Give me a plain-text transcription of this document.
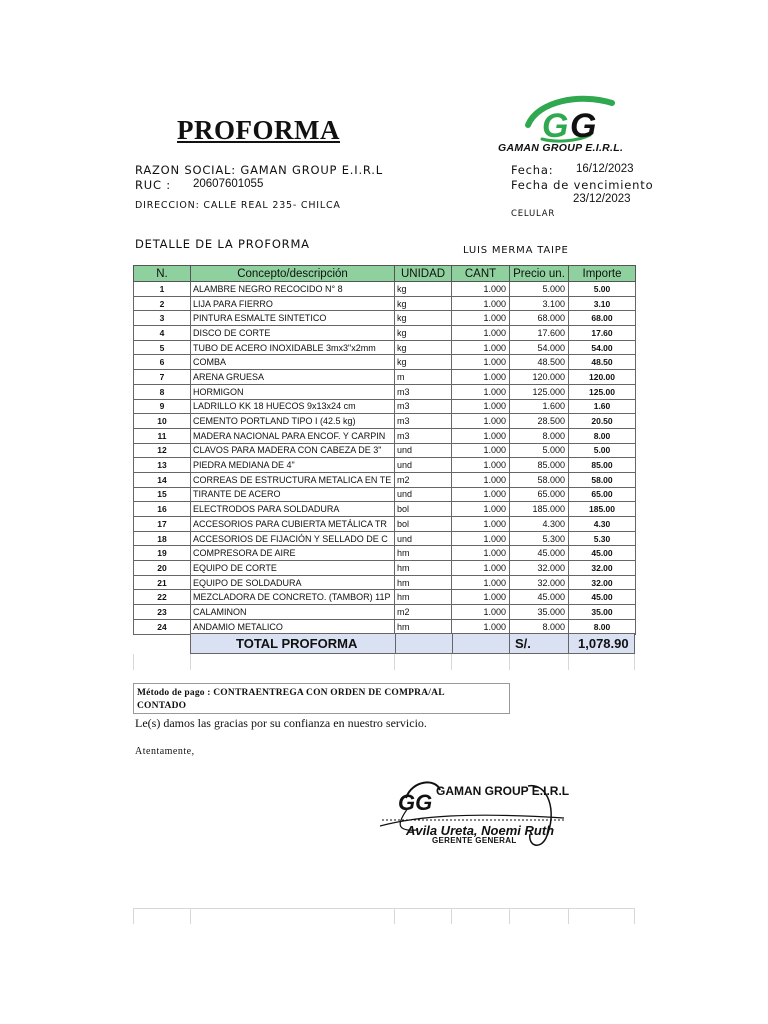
PROFORMA	G G
GAMAN GROUP E.I.R.L.
RAZON SOCIAL: GAMAN GROUP E.I.R.L
RUC : 20607601055
DIRECCION: CALLE REAL 235- CHILCA
Fecha: 16/12/2023
Fecha de vencimiento
23/12/2023
CELULAR
DETALLE DE LA PROFORMA	LUIS MERMA TAIPE
N.	Concepto/descripción	UNIDAD	CANT	Precio un.	Importe
1	ALAMBRE NEGRO RECOCIDO N° 8	kg	1.000	5.000	5.00
2	LIJA PARA FIERRO	kg	1.000	3.100	3.10
3	PINTURA ESMALTE SINTETICO	kg	1.000	68.000	68.00
4	DISCO DE CORTE	kg	1.000	17.600	17.60
5	TUBO DE ACERO INOXIDABLE 3mx3"x2mm	kg	1.000	54.000	54.00
6	COMBA	kg	1.000	48.500	48.50
7	ARENA GRUESA	m	1.000	120.000	120.00
8	HORMIGON	m3	1.000	125.000	125.00
9	LADRILLO KK 18 HUECOS 9x13x24 cm	m3	1.000	1.600	1.60
10	CEMENTO PORTLAND TIPO I (42.5 kg)	m3	1.000	28.500	20.50
11	MADERA NACIONAL PARA ENCOF. Y CARPIN	m3	1.000	8.000	8.00
12	CLAVOS PARA MADERA CON CABEZA DE 3"	und	1.000	5.000	5.00
13	PIEDRA MEDIANA DE 4"	und	1.000	85.000	85.00
14	CORREAS DE ESTRUCTURA METALICA EN TE	m2	1.000	58.000	58.00
15	TIRANTE DE ACERO	und	1.000	65.000	65.00
16	ELECTRODOS PARA SOLDADURA	bol	1.000	185.000	185.00
17	ACCESORIOS PARA CUBIERTA METÁLICA TR	bol	1.000	4.300	4.30
18	ACCESORIOS DE FIJACIÓN Y SELLADO DE C	und	1.000	5.300	5.30
19	COMPRESORA DE AIRE	hm	1.000	45.000	45.00
20	EQUIPO DE CORTE	hm	1.000	32.000	32.00
21	EQUIPO DE SOLDADURA	hm	1.000	32.000	32.00
22	MEZCLADORA DE CONCRETO. (TAMBOR) 11P	hm	1.000	45.000	45.00
23	CALAMINON	m2	1.000	35.000	35.00
24	ANDAMIO METALICO	hm	1.000	8.000	8.00
TOTAL PROFORMA	S/.	1,078.90
Método de pago : CONTRAENTREGA CON ORDEN DE COMPRA/AL
CONTADO
Le(s) damos las gracias por su confianza en nuestro servicio.
Atentamente,
GG GAMAN GROUP E.I.R.L
Avila Ureta, Noemi Ruth
GERENTE GENERAL
